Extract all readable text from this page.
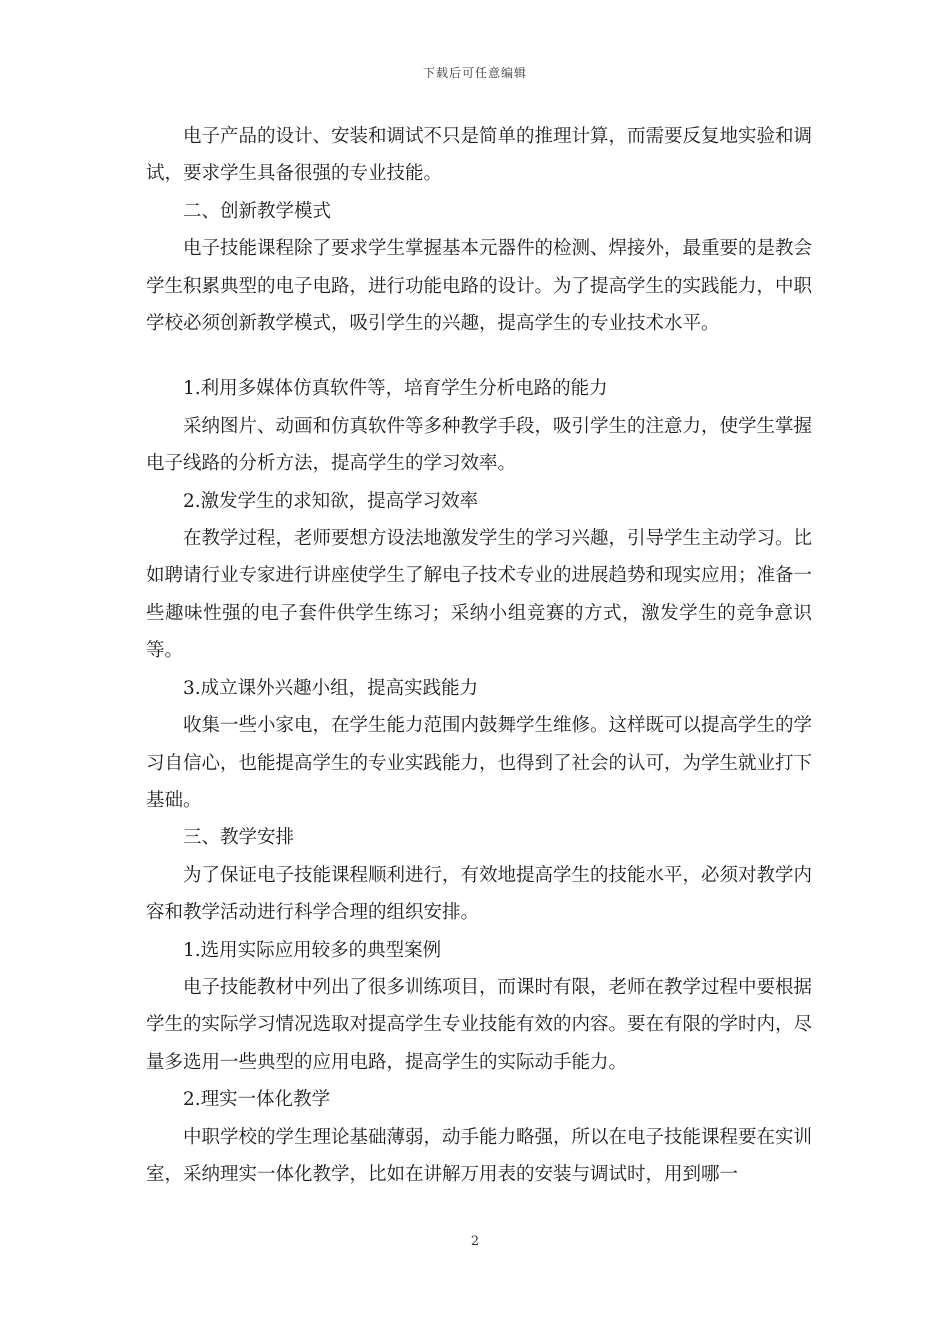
下载后可任意编辑

电子产品的设计、安装和调试不只是简单的推理计算，而需要反复地实验和调试，要求学生具备很强的专业技能。

二、创新教学模式

电子技能课程除了要求学生掌握基本元器件的检测、焊接外，最重要的是教会学生积累典型的电子电路，进行功能电路的设计。为了提高学生的实践能力，中职学校必须创新教学模式，吸引学生的兴趣，提高学生的专业技术水平。

1.利用多媒体仿真软件等，培育学生分析电路的能力

采纳图片、动画和仿真软件等多种教学手段，吸引学生的注意力，使学生掌握电子线路的分析方法，提高学生的学习效率。

2.激发学生的求知欲，提高学习效率

在教学过程，老师要想方设法地激发学生的学习兴趣，引导学生主动学习。比如聘请行业专家进行讲座使学生了解电子技术专业的进展趋势和现实应用；准备一些趣味性强的电子套件供学生练习；采纳小组竞赛的方式，激发学生的竞争意识等。

3.成立课外兴趣小组，提高实践能力

收集一些小家电，在学生能力范围内鼓舞学生维修。这样既可以提高学生的学习自信心，也能提高学生的专业实践能力，也得到了社会的认可，为学生就业打下基础。

三、教学安排

为了保证电子技能课程顺利进行，有效地提高学生的技能水平，必须对教学内容和教学活动进行科学合理的组织安排。

1.选用实际应用较多的典型案例

电子技能教材中列出了很多训练项目，而课时有限，老师在教学过程中要根据学生的实际学习情况选取对提高学生专业技能有效的内容。要在有限的学时内，尽量多选用一些典型的应用电路，提高学生的实际动手能力。

2.理实一体化教学

中职学校的学生理论基础薄弱，动手能力略强，所以在电子技能课程要在实训室，采纳理实一体化教学，比如在讲解万用表的安装与调试时，用到哪一

2
